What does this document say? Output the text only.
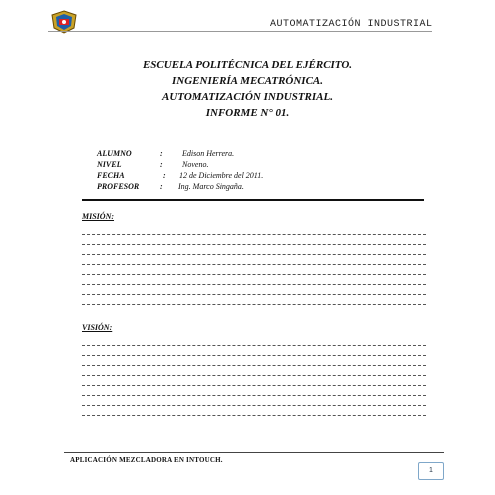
AUTOMATIZACIÓN INDUSTRIAL
ESCUELA POLITÉCNICA DEL EJÉRCITO.
INGENIERÍA MECATRÓNICA.
AUTOMATIZACIÓN INDUSTRIAL.
INFORME N° 01.
ALUMNO	: Edison Herrera.
NIVEL	: Noveno.
FECHA	: 12 de Diciembre del 2011.
PROFESOR	: Ing. Marco Singaña.
MISIÓN:
VISIÓN:
APLICACIÓN MEZCLADORA EN INTOUCH.
1
